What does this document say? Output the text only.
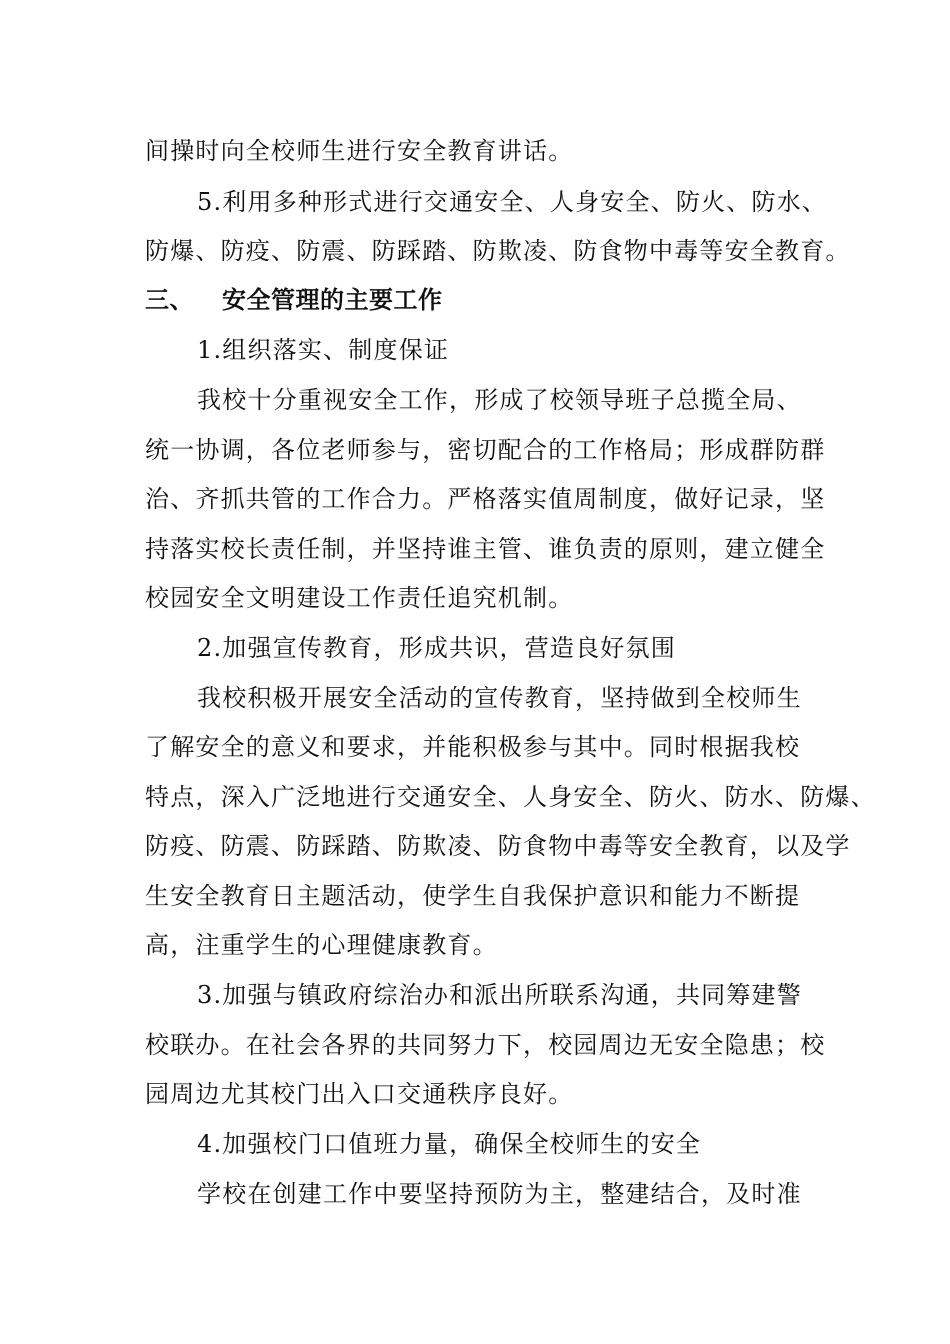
间操时向全校师生进行安全教育讲话。
5.利用多种形式进行交通安全、人身安全、防火、防水、
防爆、防疫、防震、防踩踏、防欺凌、防食物中毒等安全教育。
三、 安全管理的主要工作
1.组织落实、制度保证
我校十分重视安全工作，形成了校领导班子总揽全局、
统一协调，各位老师参与，密切配合的工作格局；形成群防群
治、齐抓共管的工作合力。严格落实值周制度，做好记录，坚
持落实校长责任制，并坚持谁主管、谁负责的原则，建立健全
校园安全文明建设工作责任追究机制。
2.加强宣传教育，形成共识，营造良好氛围
我校积极开展安全活动的宣传教育，坚持做到全校师生
了解安全的意义和要求，并能积极参与其中。同时根据我校
特点，深入广泛地进行交通安全、人身安全、防火、防水、防爆、
防疫、防震、防踩踏、防欺凌、防食物中毒等安全教育，以及学
生安全教育日主题活动，使学生自我保护意识和能力不断提
高，注重学生的心理健康教育。
3.加强与镇政府综治办和派出所联系沟通，共同筹建警
校联办。在社会各界的共同努力下，校园周边无安全隐患；校
园周边尤其校门出入口交通秩序良好。
4.加强校门口值班力量，确保全校师生的安全
学校在创建工作中要坚持预防为主，整建结合，及时准
